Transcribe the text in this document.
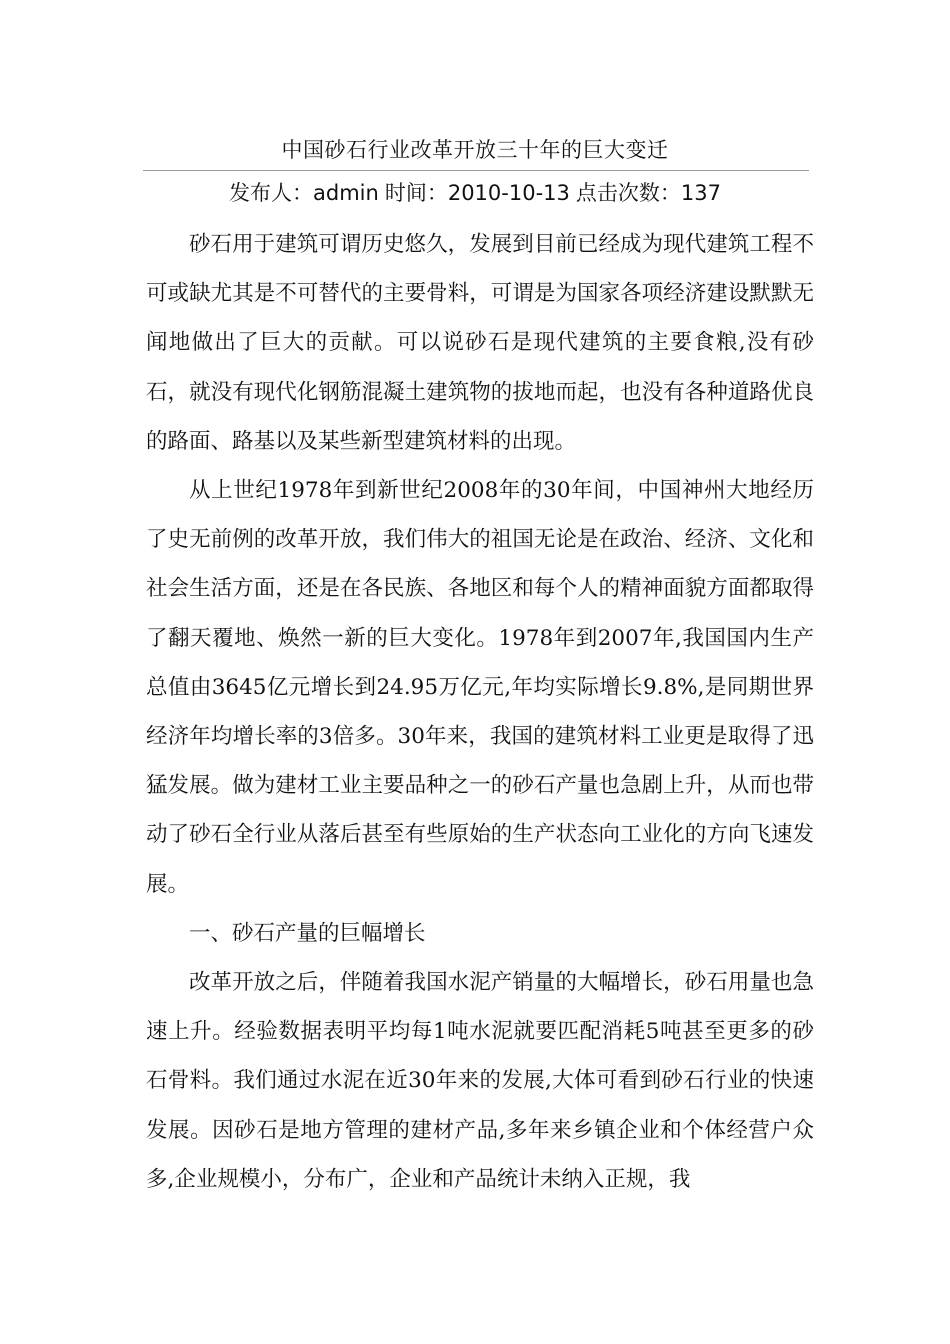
中国砂石行业改革开放三十年的巨大变迁
发布人：admin 时间：2010-10-13 点击次数：137

砂石用于建筑可谓历史悠久，发展到目前已经成为现代建筑工程不可或缺尤其是不可替代的主要骨料，可谓是为国家各项经济建设默默无闻地做出了巨大的贡献。可以说砂石是现代建筑的主要食粮,没有砂石，就没有现代化钢筋混凝土建筑物的拔地而起，也没有各种道路优良的路面、路基以及某些新型建筑材料的出现。

从上世纪1978年到新世纪2008年的30年间，中国神州大地经历了史无前例的改革开放，我们伟大的祖国无论是在政治、经济、文化和社会生活方面，还是在各民族、各地区和每个人的精神面貌方面都取得了翻天覆地、焕然一新的巨大变化。1978年到2007年,我国国内生产总值由3645亿元增长到24.95万亿元,年均实际增长9.8%,是同期世界经济年均增长率的3倍多。30年来，我国的建筑材料工业更是取得了迅猛发展。做为建材工业主要品种之一的砂石产量也急剧上升，从而也带动了砂石全行业从落后甚至有些原始的生产状态向工业化的方向飞速发展。

一、砂石产量的巨幅增长

改革开放之后，伴随着我国水泥产销量的大幅增长，砂石用量也急速上升。经验数据表明平均每1吨水泥就要匹配消耗5吨甚至更多的砂石骨料。我们通过水泥在近30年来的发展,大体可看到砂石行业的快速发展。因砂石是地方管理的建材产品,多年来乡镇企业和个体经营户众多,企业规模小，分布广，企业和产品统计未纳入正规，我
